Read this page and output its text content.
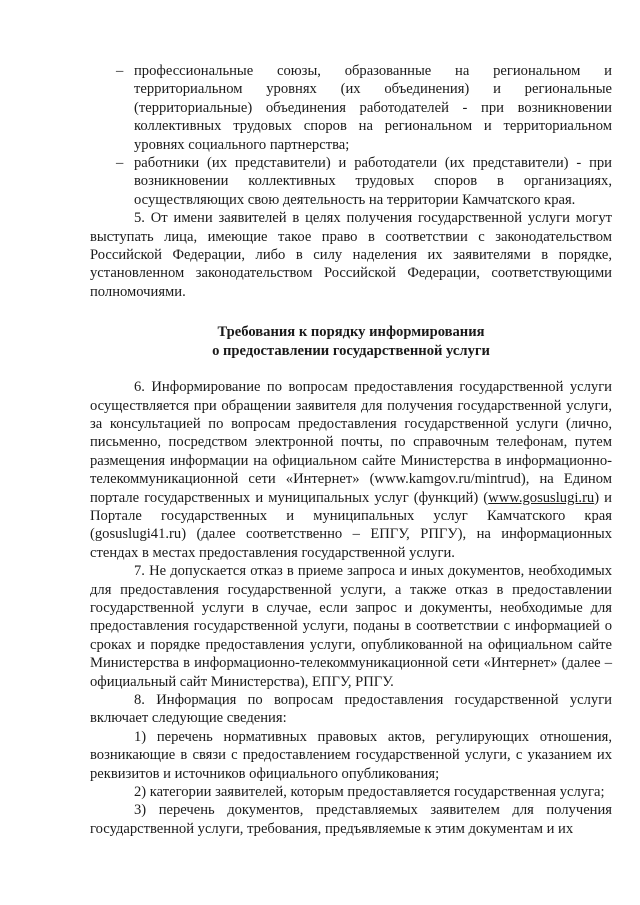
– профессиональные союзы, образованные на региональном и территориальном уровнях (их объединения) и региональные (территориальные) объединения работодателей - при возникновении коллективных трудовых споров на региональном и территориальном уровнях социального партнерства;
– работники (их представители) и работодатели (их представители) - при возникновении коллективных трудовых споров в организациях, осуществляющих свою деятельность на территории Камчатского края.

5. От имени заявителей в целях получения государственной услуги могут выступать лица, имеющие такое право в соответствии с законодательством Российской Федерации, либо в силу наделения их заявителями в порядке, установленном законодательством Российской Федерации, соответствующими полномочиями.

Требования к порядку информирования
о предоставлении государственной услуги

6. Информирование по вопросам предоставления государственной услуги осуществляется при обращении заявителя для получения государственной услуги, за консультацией по вопросам предоставления государственной услуги (лично, письменно, посредством электронной почты, по справочным телефонам, путем размещения информации на официальном сайте Министерства в информационно-телекоммуникационной сети «Интернет» (www.kamgov.ru/mintrud), на Едином портале государственных и муниципальных услуг (функций) (www.gosuslugi.ru) и Портале государственных и муниципальных услуг Камчатского края (gosuslugi41.ru) (далее соответственно – ЕПГУ, РПГУ), на информационных стендах в местах предоставления государственной услуги.

7. Не допускается отказ в приеме запроса и иных документов, необходимых для предоставления государственной услуги, а также отказ в предоставлении государственной услуги в случае, если запрос и документы, необходимые для предоставления государственной услуги, поданы в соответствии с информацией о сроках и порядке предоставления услуги, опубликованной на официальном сайте Министерства в информационно-телекоммуникационной сети «Интернет» (далее – официальный сайт Министерства), ЕПГУ, РПГУ.

8. Информация по вопросам предоставления государственной услуги включает следующие сведения:

1) перечень нормативных правовых актов, регулирующих отношения, возникающие в связи с предоставлением государственной услуги, с указанием их реквизитов и источников официального опубликования;

2) категории заявителей, которым предоставляется государственная услуга;

3) перечень документов, представляемых заявителем для получения государственной услуги, требования, предъявляемые к этим документам и их
